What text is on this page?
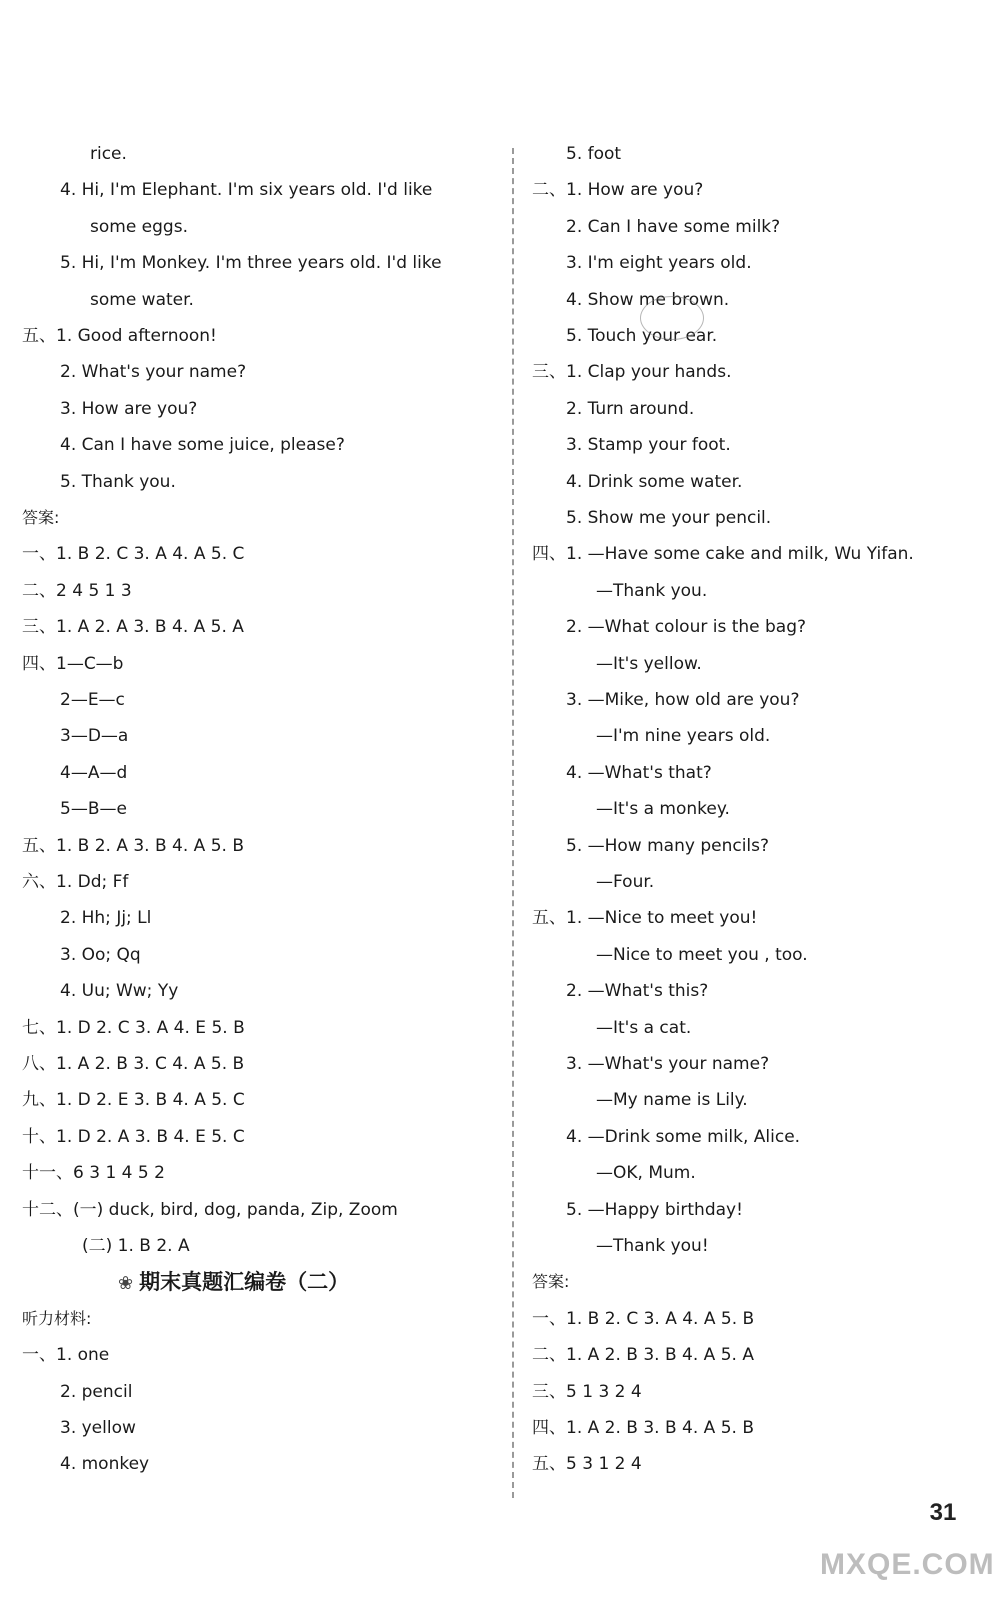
rice.
4. Hi, I'm Elephant. I'm six years old. I'd like
some eggs.
5. Hi, I'm Monkey. I'm three years old. I'd like
some water.
五、1. Good afternoon!
2. What's your name?
3. How are you?
4. Can I have some juice, please?
5. Thank you.
答案:
一、1. B 2. C 3. A 4. A 5. C
二、2 4 5 1 3
三、1. A 2. A 3. B 4. A 5. A
四、1—C—b
2—E—c
3—D—a
4—A—d
5—B—e
五、1. B 2. A 3. B 4. A 5. B
六、1. Dd; Ff
2. Hh; Jj; Ll
3. Oo; Qq
4. Uu; Ww; Yy
七、1. D 2. C 3. A 4. E 5. B
八、1. A 2. B 3. C 4. A 5. B
九、1. D 2. E 3. B 4. A 5. C
十、1. D 2. A 3. B 4. E 5. C
十一、6 3 1 4 5 2
十二、(一) duck, bird, dog, panda, Zip, Zoom
(二) 1. B 2. A
❀ 期末真题汇编卷（二）
听力材料:
一、1. one
2. pencil
3. yellow
4. monkey
5. foot
二、1. How are you?
2. Can I have some milk?
3. I'm eight years old.
4. Show me brown.
5. Touch your ear.
三、1. Clap your hands.
2. Turn around.
3. Stamp your foot.
4. Drink some water.
5. Show me your pencil.
四、1. —Have some cake and milk, Wu Yifan.
—Thank you.
2. —What colour is the bag?
—It's yellow.
3. —Mike, how old are you?
—I'm nine years old.
4. —What's that?
—It's a monkey.
5. —How many pencils?
—Four.
五、1. —Nice to meet you!
—Nice to meet you , too.
2. —What's this?
—It's a cat.
3. —What's your name?
—My name is Lily.
4. —Drink some milk, Alice.
—OK, Mum.
5. —Happy birthday!
—Thank you!
答案:
一、1. B 2. C 3. A 4. A 5. B
二、1. A 2. B 3. B 4. A 5. A
三、5 1 3 2 4
四、1. A 2. B 3. B 4. A 5. B
五、5 3 1 2 4
31
MXQE.COM
